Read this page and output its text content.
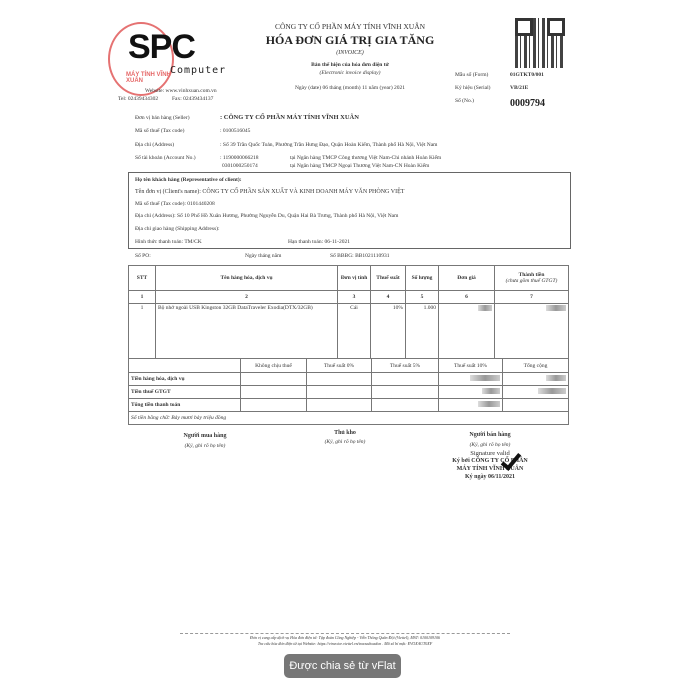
MÁY TÍNH VĨNH XUÂN
SPC
Computer
Website: www.vinhxuan.com.vn
Tel: 02439434302	Fax: 02439434137
CÔNG TY CỔ PHẦN MÁY TÍNH VĨNH XUÂN
HÓA ĐƠN GIÁ TRỊ GIA TĂNG
(INVOICE)
Bản thể hiện của hóa đơn điện tử
(Electronic invoice display)
Ngày (date) 06 tháng (month) 11 năm (year) 2021
Mẫu số (Form)	01GTKT0/001
Ký hiệu (Serial)	VB/21E
Số (No.)	0009794
Đơn vị bán hàng (Seller)	: CÔNG TY CỔ PHẦN MÁY TÍNH VĨNH XUÂN
Mã số thuế (Tax code)	: 0100516045
Địa chỉ (Address)	: Số 39 Trần Quốc Toản, Phường Trần Hưng Đạo, Quận Hoàn Kiếm, Thành phố Hà Nội, Việt Nam
Số tài khoản (Account No.)	: 1190000066218	tại Ngân hàng TMCP Công thương Việt Nam-Chi nhánh Hoàn Kiếm
0301000250174	tại Ngân hàng TMCP Ngoại Thương Việt Nam-CN Hoàn Kiếm
Họ tên khách hàng (Representative of client):
Tên đơn vị (Client's name): CÔNG TY CỔ PHẦN SẢN XUẤT VÀ KINH DOANH MÁY VĂN PHÒNG VIỆT
Mã số thuế (Tax code): 0101440208
Địa chỉ (Address): Số 10 Phố Hồ Xuân Hương, Phường Nguyễn Du, Quận Hai Bà Trưng, Thành phố Hà Nội, Việt Nam
Địa chỉ giao hàng (Shipping Address):
Hình thức thanh toán: TM/CK	Hạn thanh toán: 06-11-2021
Số PO:	Ngày tháng năm	Số BBBG: BB1021110931
STT	Tên hàng hóa, dịch vụ	Đơn vị tính	Thuế suất	Số lượng	Đơn giá	Thành tiền
(chưa gồm thuế GTGT)

1	2	3	4	5	6	7
1	Bộ nhớ ngoài USB Kingston 32GB DataTraveler Exodia(DTX/32GB)	Cái	10%	1.000		
	Không chịu thuế	Thuế suất 0%	Thuế suất 5%	Thuế suất 10%	Tổng cộng
Tiền hàng hóa, dịch vụ					
Tiền thuế GTGT					
Tổng tiền thanh toán					
Số tiền bằng chữ: Bảy mươi bảy triệu đồng					
Người mua hàng
(Ký, ghi rõ họ tên)
Thủ kho
(Ký, ghi rõ họ tên)
Người bán hàng
(Ký, ghi rõ họ tên)
Signature valid
Ký bởi CÔNG TY CỔ PHẦN
MÁY TÍNH VĨNH XUÂN
Ký ngày 06/11/2021
Đơn vị cung cấp dịch vụ Hóa đơn điện tử: Tập đoàn Công Nghiệp - Viễn Thông Quân Đội (Viettel), MST: 0100109106
Tra cứu hóa đơn điện tử tại Website: https://vinvoice.viettel.vn/tracuuhoadon . Mã số bí mật: EVOXAUT0XF
Được chia sẻ từ vFlat
